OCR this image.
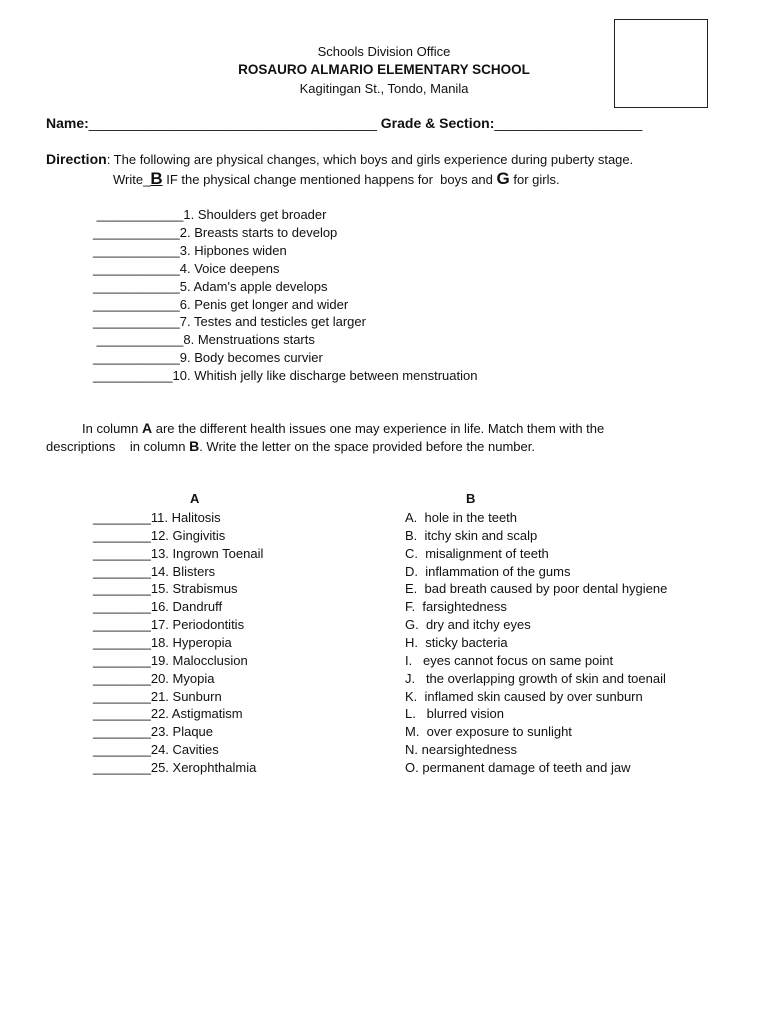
Schools Division Office
ROSAURO ALMARIO ELEMENTARY SCHOOL
Kagitingan St., Tondo, Manila
Name:_____________________________________ Grade & Section:___________________
Direction: The following are physical changes, which boys and girls experience during puberty stage.
Write_B IF the physical change mentioned happens for  boys and G for girls.
____________1. Shoulders get broader
____________2. Breasts starts to develop
____________3. Hipbones widen
____________4. Voice deepens
____________5. Adam's apple develops
____________6. Penis get longer and wider
____________7. Testes and testicles get larger
____________8. Menstruations starts
____________9. Body becomes curvier
___________10. Whitish jelly like discharge between menstruation
In column A are the different health issues one may experience in life. Match them with the
descriptions    in column B. Write the letter on the space provided before the number.
A	B
________11. Halitosis
________12. Gingivitis
________13. Ingrown Toenail
________14. Blisters
________15. Strabismus
________16. Dandruff
________17. Periodontitis
________18. Hyperopia
________19. Malocclusion
________20. Myopia
________21. Sunburn
________22. Astigmatism
________23. Plaque
________24. Cavities
________25. Xerophthalmia
A.  hole in the teeth
B.  itchy skin and scalp
C.  misalignment of teeth
D.  inflammation of the gums
E.  bad breath caused by poor dental hygiene
F.  farsightedness
G.  dry and itchy eyes
H.  sticky bacteria
I.   eyes cannot focus on same point
J.   the overlapping growth of skin and toenail
K.  inflamed skin caused by over sunburn
L.   blurred vision
M.  over exposure to sunlight
N. nearsightedness
O. permanent damage of teeth and jaw
